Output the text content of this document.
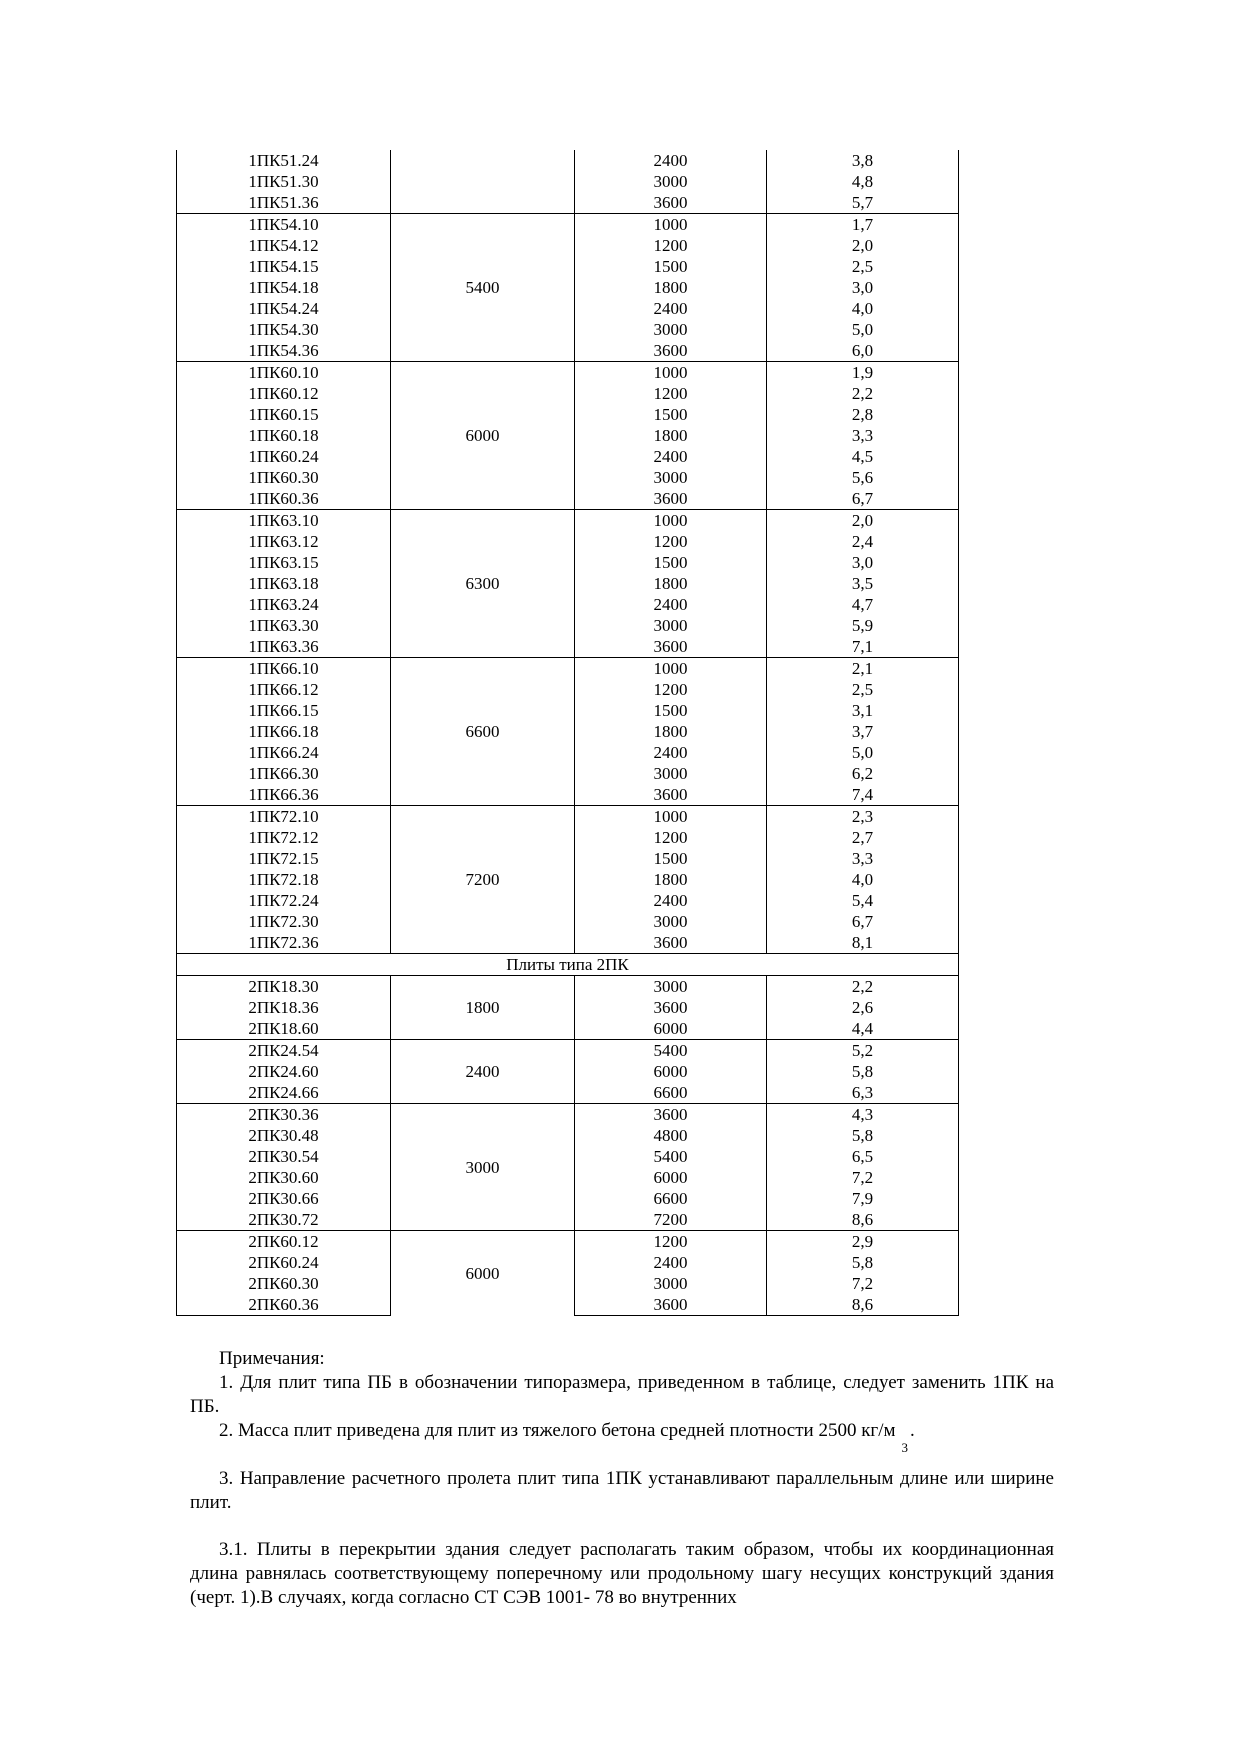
1ПК51.24		2400	3,8
1ПК51.30		3000	4,8
1ПК51.36		3600	5,7
1ПК54.10	5400	1000	1,7
1ПК54.12		1200	2,0
1ПК54.15		1500	2,5
1ПК54.18		1800	3,0
1ПК54.24		2400	4,0
1ПК54.30		3000	5,0
1ПК54.36		3600	6,0
1ПК60.10	6000	1000	1,9
1ПК60.12		1200	2,2
1ПК60.15		1500	2,8
1ПК60.18		1800	3,3
1ПК60.24		2400	4,5
1ПК60.30		3000	5,6
1ПК60.36		3600	6,7
1ПК63.10	6300	1000	2,0
1ПК63.12		1200	2,4
1ПК63.15		1500	3,0
1ПК63.18		1800	3,5
1ПК63.24		2400	4,7
1ПК63.30		3000	5,9
1ПК63.36		3600	7,1
1ПК66.10	6600	1000	2,1
1ПК66.12		1200	2,5
1ПК66.15		1500	3,1
1ПК66.18		1800	3,7
1ПК66.24		2400	5,0
1ПК66.30		3000	6,2
1ПК66.36		3600	7,4
1ПК72.10	7200	1000	2,3
1ПК72.12		1200	2,7
1ПК72.15		1500	3,3
1ПК72.18		1800	4,0
1ПК72.24		2400	5,4
1ПК72.30		3000	6,7
1ПК72.36		3600	8,1
Плиты типа 2ПК			
2ПК18.30	1800	3000	2,2
2ПК18.36		3600	2,6
2ПК18.60		6000	4,4
2ПК24.54	2400	5400	5,2
2ПК24.60		6000	5,8
2ПК24.66		6600	6,3
2ПК30.36	3000	3600	4,3
2ПК30.48		4800	5,8
2ПК30.54		5400	6,5
2ПК30.60		6000	7,2
2ПК30.66		6600	7,9
2ПК30.72		7200	8,6
2ПК60.12	6000	1200	2,9
2ПК60.24		2400	5,8
2ПК60.30		3000	7,2
2ПК60.36		3600	8,6

Примечания:

1. Для плит типа ПБ в обозначении типоразмера, приведенном в таблице, следует заменить 1ПК на ПБ.

2. Масса плит приведена для плит из тяжелого бетона средней плотности 2500 $кг/м^3$.

3. Направление расчетного пролета плит типа 1ПК устанавливают параллельным длине или ширине плит.

3.1. Плиты в перекрытии здания следует располагать таким образом, чтобы их координационная длина равнялась соответствующему поперечному или продольному шагу несущих конструкций здания (черт. 1).В случаях, когда согласно СТ СЭВ 1001- 78 во внутренних
